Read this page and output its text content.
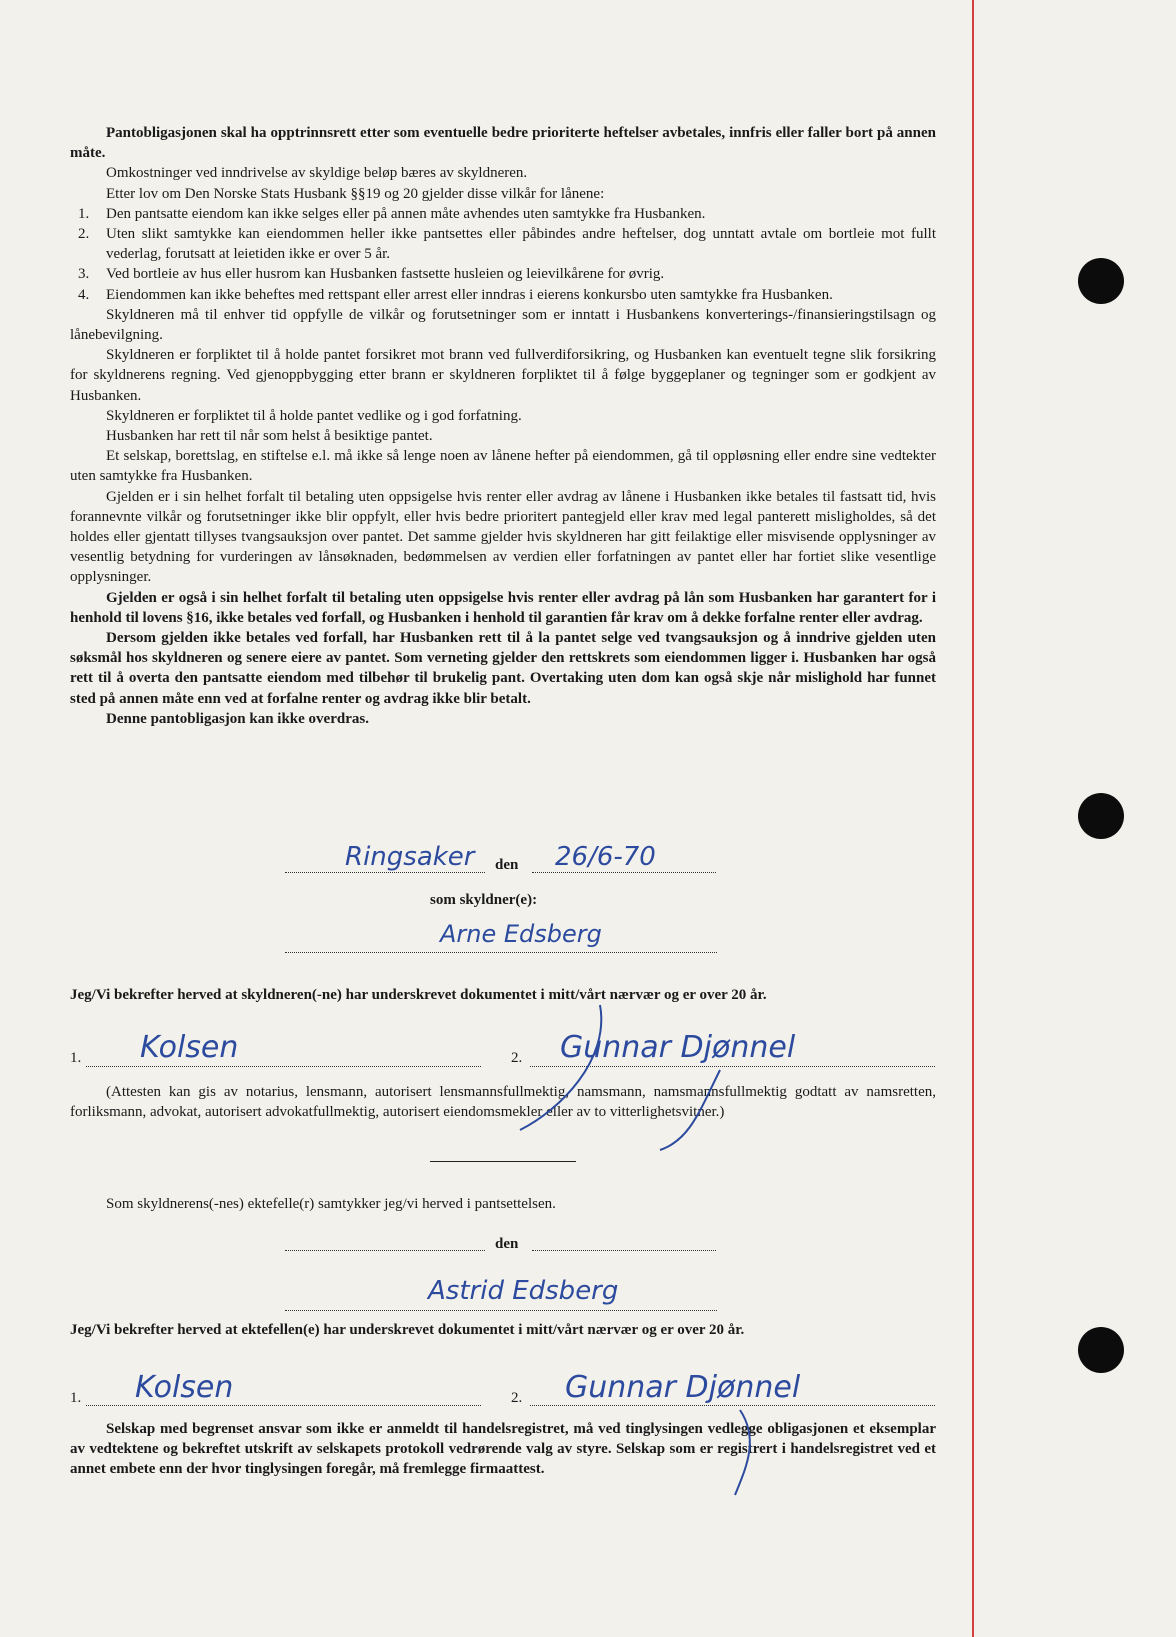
Pantobligasjonen skal ha opptrinnsrett etter som eventuelle bedre prioriterte heftelser avbetales, innfris eller faller bort på annen måte.

Omkostninger ved inndrivelse av skyldige beløp bæres av skyldneren.

Etter lov om Den Norske Stats Husbank §§19 og 20 gjelder disse vilkår for lånene:

1. Den pantsatte eiendom kan ikke selges eller på annen måte avhendes uten samtykke fra Husbanken.
2. Uten slikt samtykke kan eiendommen heller ikke pantsettes eller påbindes andre heftelser, dog unntatt avtale om bortleie mot fullt vederlag, forutsatt at leietiden ikke er over 5 år.
3. Ved bortleie av hus eller husrom kan Husbanken fastsette husleien og leievilkårene for øvrig.
4. Eiendommen kan ikke beheftes med rettspant eller arrest eller inndras i eierens konkursbo uten samtykke fra Husbanken.

Skyldneren må til enhver tid oppfylle de vilkår og forutsetninger som er inntatt i Husbankens konverterings-/finansieringstilsagn og lånebevilgning.

Skyldneren er forpliktet til å holde pantet forsikret mot brann ved fullverdiforsikring, og Husbanken kan eventuelt tegne slik forsikring for skyldnerens regning. Ved gjenoppbygging etter brann er skyldneren forpliktet til å følge byggeplaner og tegninger som er godkjent av Husbanken.

Skyldneren er forpliktet til å holde pantet vedlike og i god forfatning.

Husbanken har rett til når som helst å besiktige pantet.

Et selskap, borettslag, en stiftelse e.l. må ikke så lenge noen av lånene hefter på eiendommen, gå til oppløsning eller endre sine vedtekter uten samtykke fra Husbanken.

Gjelden er i sin helhet forfalt til betaling uten oppsigelse hvis renter eller avdrag av lånene i Husbanken ikke betales til fastsatt tid, hvis forannevnte vilkår og forutsetninger ikke blir oppfylt, eller hvis bedre prioritert pantegjeld eller krav med legal panterett misligholdes, så det holdes eller gjentatt tillyses tvangsauksjon over pantet. Det samme gjelder hvis skyldneren har gitt feilaktige eller misvisende opplysninger av vesentlig betydning for vurderingen av lånsøknaden, bedømmelsen av verdien eller forfatningen av pantet eller har fortiet slike vesentlige opplysninger.

Gjelden er også i sin helhet forfalt til betaling uten oppsigelse hvis renter eller avdrag på lån som Husbanken har garantert for i henhold til lovens §16, ikke betales ved forfall, og Husbanken i henhold til garantien får krav om å dekke forfalne renter eller avdrag.

Dersom gjelden ikke betales ved forfall, har Husbanken rett til å la pantet selge ved tvangsauksjon og å inndrive gjelden uten søksmål hos skyldneren og senere eiere av pantet. Som verneting gjelder den rettskrets som eiendommen ligger i. Husbanken har også rett til å overta den pantsatte eiendom med tilbehør til brukelig pant. Overtaking uten dom kan også skje når mislighold har funnet sted på annen måte enn ved at forfalne renter og avdrag ikke blir betalt.

Denne pantobligasjon kan ikke overdras.

Ringsaker den 26/6-70
som skyldner(e):
Arne Edsberg
Jeg/Vi bekrefter herved at skyldneren(-ne) har underskrevet dokumentet i mitt/vårt nærvær og er over 20 år.
1. Kolsen	2. Gunnar Djønnel
(Attesten kan gis av notarius, lensmann, autorisert lensmannsfullmektig, namsmann, namsmannsfullmektig godtatt av namsretten, forliksmann, advokat, autorisert advokatfullmektig, autorisert eiendomsmekler eller av to vitterlighetsvitner.)
Som skyldnerens(-nes) ektefelle(r) samtykker jeg/vi herved i pantsettelsen.
den
Astrid Edsberg
Jeg/Vi bekrefter herved at ektefellen(e) har underskrevet dokumentet i mitt/vårt nærvær og er over 20 år.
1. Kolsen	2. Gunnar Djønnel
Selskap med begrenset ansvar som ikke er anmeldt til handelsregistret, må ved tinglysingen vedlegge obligasjonen et eksemplar av vedtektene og bekreftet utskrift av selskapets protokoll vedrørende valg av styre. Selskap som er registrert i handelsregistret ved et annet embete enn der hvor tinglysingen foregår, må fremlegge firmaattest.
